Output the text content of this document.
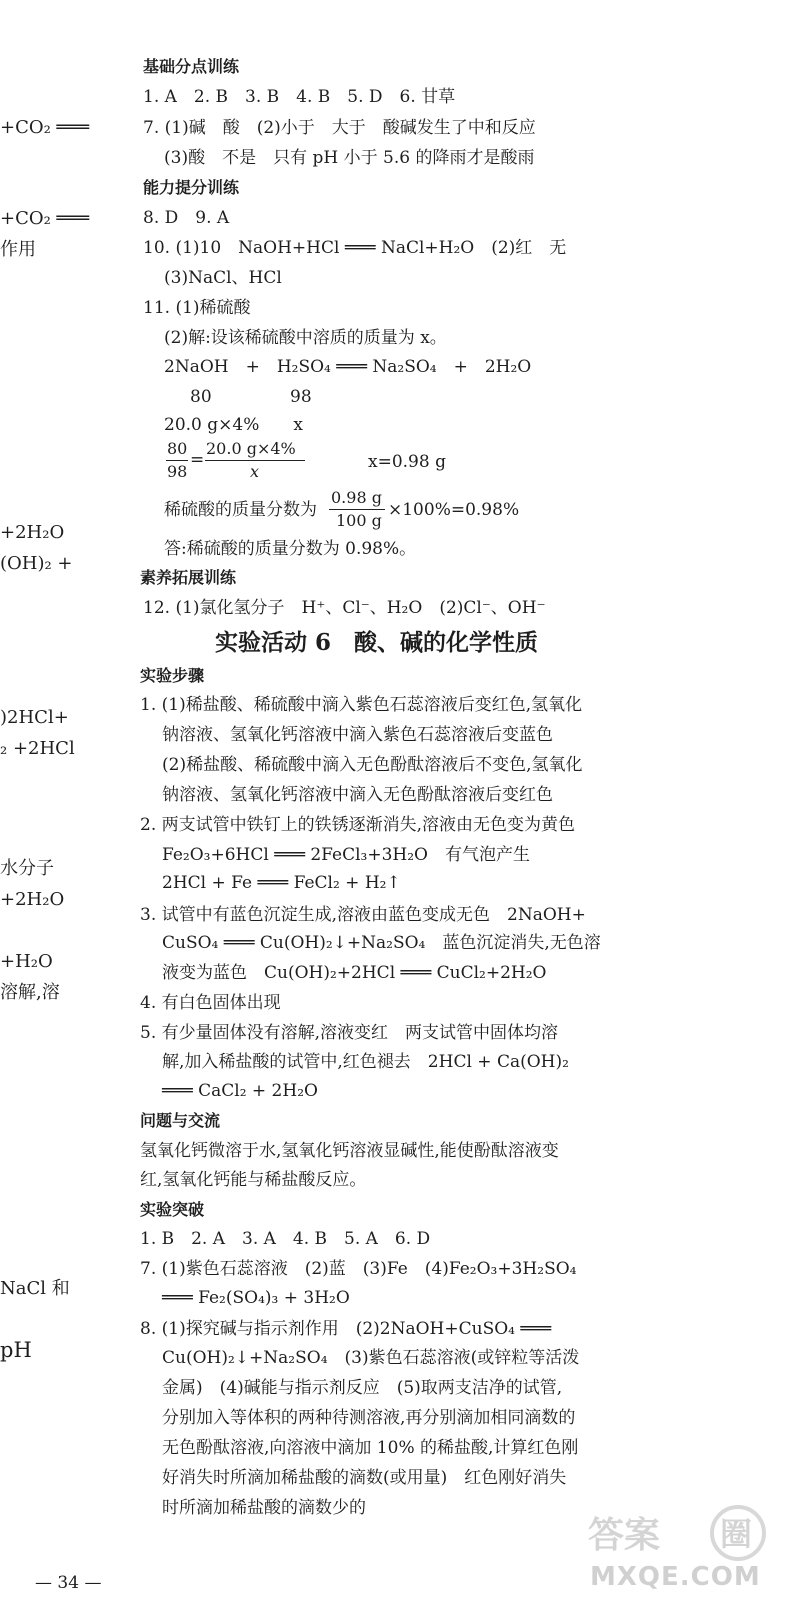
+CO₂ ═══
+CO₂ ═══
作用
+2H₂O
(OH)₂ +
)2HCl+
₂ +2HCl
水分子
+2H₂O
+H₂O
溶解,溶
NaCl 和
pH
基础分点训练
1. A　2. B　3. B　4. B　5. D　6. 甘草
7. (1)碱　酸　(2)小于　大于　酸碱发生了中和反应
(3)酸　不是　只有 pH 小于 5.6 的降雨才是酸雨
能力提分训练
8. D　9. A
10. (1)10　NaOH+HCl ═══ NaCl+H₂O　(2)红　无
(3)NaCl、HCl
11. (1)稀硫酸
(2)解:设该稀硫酸中溶质的质量为 x。
2NaOH　+　H₂SO₄ ═══ Na₂SO₄　+　2H₂O
80	98
20.0 g×4%　　x
80
98
=
20.0 g×4%
x	x=0.98 g
稀硫酸的质量分数为
0.98 g
100 g
×100%=0.98%
答:稀硫酸的质量分数为 0.98%。
素养拓展训练
12. (1)氯化氢分子　H⁺、Cl⁻、H₂O　(2)Cl⁻、OH⁻
实验活动 6　酸、碱的化学性质
实验步骤
1. (1)稀盐酸、稀硫酸中滴入紫色石蕊溶液后变红色,氢氧化
钠溶液、氢氧化钙溶液中滴入紫色石蕊溶液后变蓝色
(2)稀盐酸、稀硫酸中滴入无色酚酞溶液后不变色,氢氧化
钠溶液、氢氧化钙溶液中滴入无色酚酞溶液后变红色
2. 两支试管中铁钉上的铁锈逐渐消失,溶液由无色变为黄色
Fe₂O₃+6HCl ═══ 2FeCl₃+3H₂O　有气泡产生
2HCl + Fe ═══ FeCl₂ + H₂↑
3. 试管中有蓝色沉淀生成,溶液由蓝色变成无色　2NaOH+
CuSO₄ ═══ Cu(OH)₂↓+Na₂SO₄　蓝色沉淀消失,无色溶
液变为蓝色　Cu(OH)₂+2HCl ═══ CuCl₂+2H₂O
4. 有白色固体出现
5. 有少量固体没有溶解,溶液变红　两支试管中固体均溶
解,加入稀盐酸的试管中,红色褪去　2HCl + Ca(OH)₂
═══ CaCl₂ + 2H₂O
问题与交流
氢氧化钙微溶于水,氢氧化钙溶液显碱性,能使酚酞溶液变
红,氢氧化钙能与稀盐酸反应。
实验突破
1. B　2. A　3. A　4. B　5. A　6. D
7. (1)紫色石蕊溶液　(2)蓝　(3)Fe　(4)Fe₂O₃+3H₂SO₄
═══ Fe₂(SO₄)₃ + 3H₂O
8. (1)探究碱与指示剂作用　(2)2NaOH+CuSO₄ ═══
Cu(OH)₂↓+Na₂SO₄　(3)紫色石蕊溶液(或锌粒等活泼
金属)　(4)碱能与指示剂反应　(5)取两支洁净的试管,
分别加入等体积的两种待测溶液,再分别滴加相同滴数的
无色酚酞溶液,向溶液中滴加 10% 的稀盐酸,计算红色刚
好消失时所滴加稀盐酸的滴数(或用量)　红色刚好消失
时所滴加稀盐酸的滴数少的
— 34 —
答案 圈
MXQE.COM
